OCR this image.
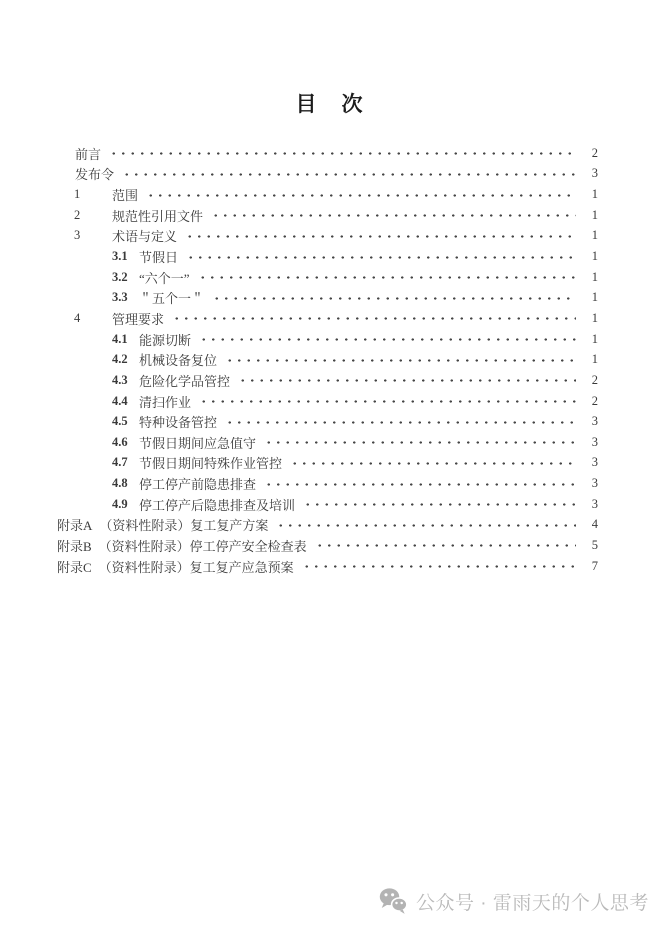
目　次
前言	2
发布令	3
1	范围	1
2	规范性引用文件	1
3	术语与定义	1
3.1 节假日	1
3.2 “六个一”	1
3.3 ＂五个一＂	1
4	管理要求	1
4.1 能源切断	1
4.2 机械设备复位	1
4.3 危险化学品管控	2
4.4 清扫作业	2
4.5 特种设备管控	3
4.6 节假日期间应急值守	3
4.7 节假日期间特殊作业管控	3
4.8 停工停产前隐患排查	3
4.9 停工停产后隐患排查及培训	3
附录A （资料性附录）复工复产方案	4
附录B （资料性附录）停工停产安全检查表	5
附录C （资料性附录）复工复产应急预案	7
公众号 · 雷雨天的个人思考
